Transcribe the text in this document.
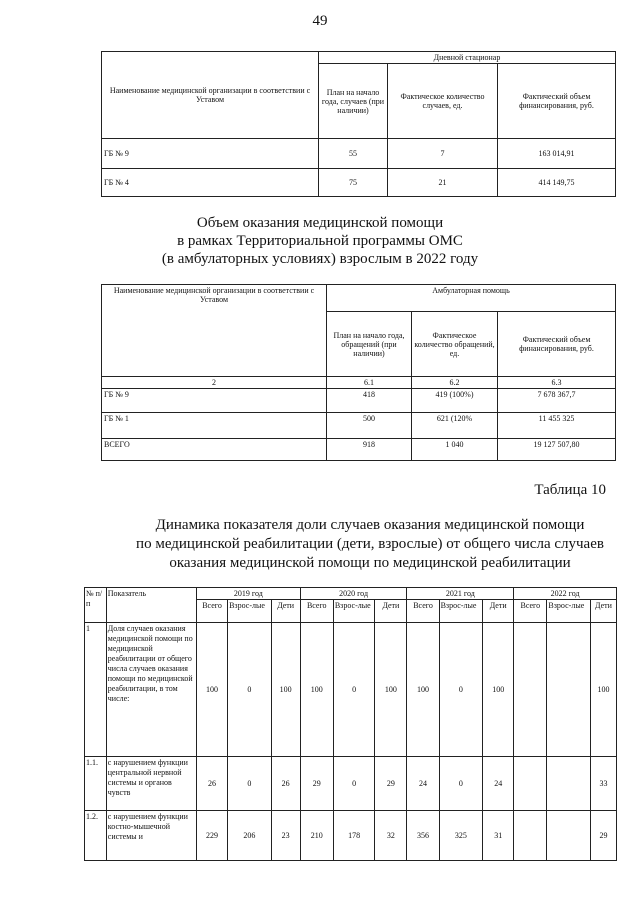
49
Наименование медицинской организации в соответствии с Уставом	Дневной стационар		
	План на начало года, случаев (при наличии)	Фактическое количество случаев, ед.	Фактический объем финансирования, руб.
ГБ № 9	55	7	163 014,91
ГБ № 4	75	21	414 149,75
Объем оказания медицинской помощи
в рамках Территориальной программы ОМС
(в амбулаторных условиях) взрослым в 2022 году
Наименование медицинской организации в соответствии с Уставом	Амбулаторная помощь		
	План на начало года, обращений (при наличии)	Фактическое количество обращений, ед.	Фактический объем финансирования, руб.
2	6.1	6.2	6.3
ГБ № 9	418	419 (100%)	7 678 367,7
ГБ № 1	500	621 (120%	11 455 325
ВСЕГО	918	1 040	19 127 507,80
Таблица 10
Динамика показателя доли случаев оказания медицинской помощи
по медицинской реабилитации (дети, взрослые) от общего числа случаев
оказания медицинской помощи по медицинской реабилитации
№ п/п	Показатель	2019 год			2020 год			2021 год			2022 год		
		Всего	Взрос-лые	Дети	Всего	Взрос-лые	Дети	Всего	Взрос-лые	Дети	Всего	Взрос-лые	Дети
1	Доля случаев оказания медицинской помощи по медицинской реабилитации от общего числа случаев оказания помощи по медицинской реабилитации, в том числе:	100	0	100	100	0	100	100	0	100			100
1.1.	с нарушением функции центральной нервной системы и органов чувств	26	0	26	29	0	29	24	0	24			33
1.2.	с нарушением функции костно-мышечной системы и	229	206	23	210	178	32	356	325	31			29
